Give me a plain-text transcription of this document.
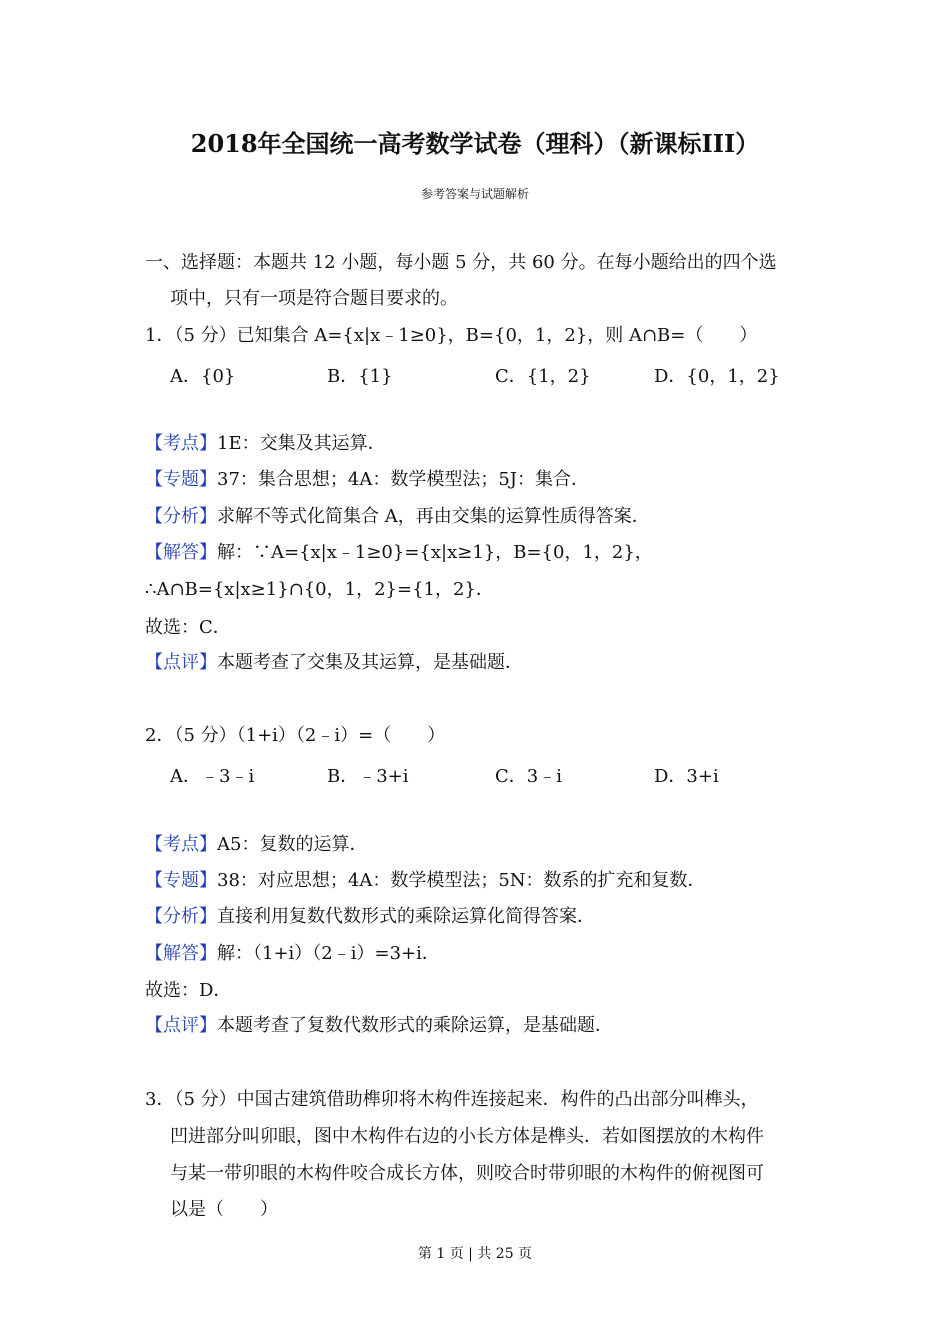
2018年全国统一高考数学试卷（理科）（新课标III）
参考答案与试题解析
一、选择题：本题共 12 小题，每小题 5 分，共 60 分。在每小题给出的四个选
项中，只有一项是符合题目要求的。
1．（5 分）已知集合 A={x|x﹣1≥0}，B={0，1，2}，则 A∩B=（　　）
A．{0}	B．{1}	C．{1，2}	D．{0，1，2}
【考点】1E：交集及其运算．
【专题】37：集合思想；4A：数学模型法；5J：集合．
【分析】求解不等式化简集合 A，再由交集的运算性质得答案．
【解答】解：∵A={x|x﹣1≥0}={x|x≥1}，B={0，1，2}，
∴A∩B={x|x≥1}∩{0，1，2}={1，2}．
故选：C．
【点评】本题考查了交集及其运算，是基础题．
2．（5 分）（1+i）（2﹣i）=（　　）
A．﹣3﹣i	B．﹣3+i	C．3﹣i	D．3+i
【考点】A5：复数的运算．
【专题】38：对应思想；4A：数学模型法；5N：数系的扩充和复数．
【分析】直接利用复数代数形式的乘除运算化简得答案．
【解答】解：（1+i）（2﹣i）=3+i．
故选：D．
【点评】本题考查了复数代数形式的乘除运算，是基础题．
3．（5 分）中国古建筑借助榫卯将木构件连接起来．构件的凸出部分叫榫头，
凹进部分叫卯眼，图中木构件右边的小长方体是榫头．若如图摆放的木构件
与某一带卯眼的木构件咬合成长方体，则咬合时带卯眼的木构件的俯视图可
以是（　　）
第 1 页 | 共 25 页
